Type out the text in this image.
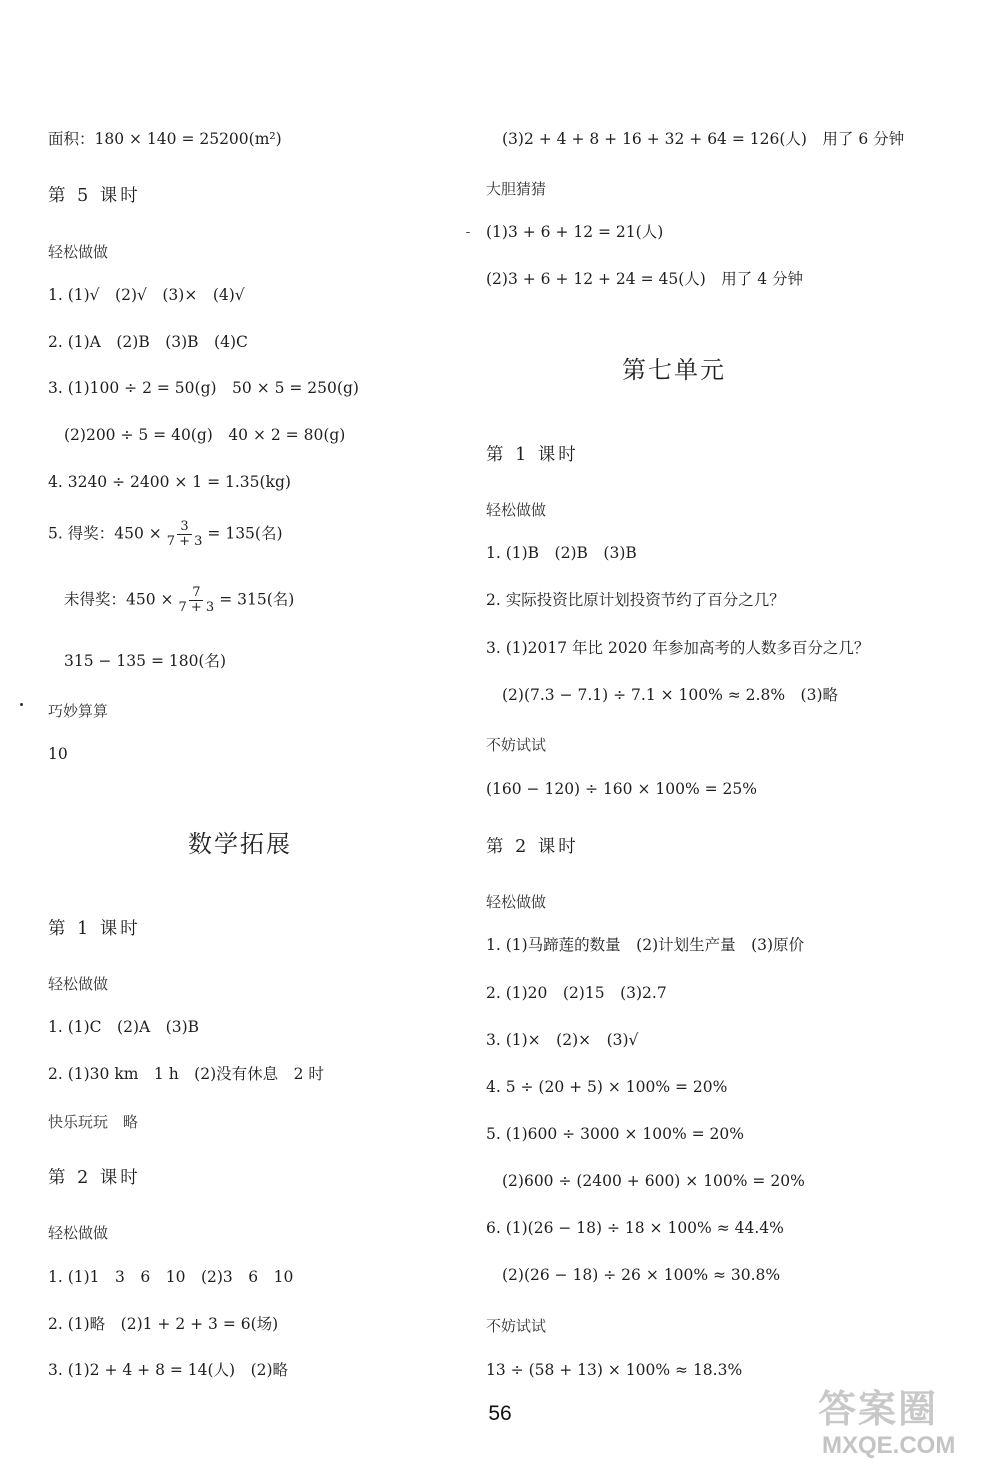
面积：180 × 140 = 25200(m²)
第 5 课时
轻松做做
1. (1)√　(2)√　(3)×　(4)√
2. (1)A　(2)B　(3)B　(4)C
3. (1)100 ÷ 2 = 50(g)　50 × 5 = 250(g)
(2)200 ÷ 5 = 40(g)　40 × 2 = 80(g)
4. 3240 ÷ 2400 × 1 = 1.35(kg)
5. 得奖：$450 \times \frac{3}{7 + 3} = 135$(名)
未得奖：$450 \times \frac{7}{7 + 3} = 315$(名)
315 − 135 = 180(名)
巧妙算算
10
数学拓展
第 1 课时
轻松做做
1. (1)C　(2)A　(3)B
2. (1)30 km　1 h　(2)没有休息　2 时
快乐玩玩　略
第 2 课时
轻松做做
1. (1)1　3　6　10　(2)3　6　10
2. (1)略　(2)1 + 2 + 3 = 6(场)
3. (1)2 + 4 + 8 = 14(人)　(2)略
(3)2 + 4 + 8 + 16 + 32 + 64 = 126(人)　用了 6 分钟
大胆猜猜
(1)3 + 6 + 12 = 21(人)
(2)3 + 6 + 12 + 24 = 45(人)　用了 4 分钟
第七单元
第 1 课时
轻松做做
1. (1)B　(2)B　(3)B
2. 实际投资比原计划投资节约了百分之几？
3. (1)2017 年比 2020 年参加高考的人数多百分之几？
(2)(7.3 − 7.1) ÷ 7.1 × 100% ≈ 2.8%　(3)略
不妨试试
(160 − 120) ÷ 160 × 100% = 25%
第 2 课时
轻松做做
1. (1)马蹄莲的数量　(2)计划生产量　(3)原价
2. (1)20　(2)15　(3)2.7
3. (1)×　(2)×　(3)√
4. 5 ÷ (20 + 5) × 100% = 20%
5. (1)600 ÷ 3000 × 100% = 20%
(2)600 ÷ (2400 + 600) × 100% = 20%
6. (1)(26 − 18) ÷ 18 × 100% ≈ 44.4%
(2)(26 − 18) ÷ 26 × 100% ≈ 30.8%
不妨试试
13 ÷ (58 + 13) × 100% ≈ 18.3%
56	答案圈
MXQE.COM
